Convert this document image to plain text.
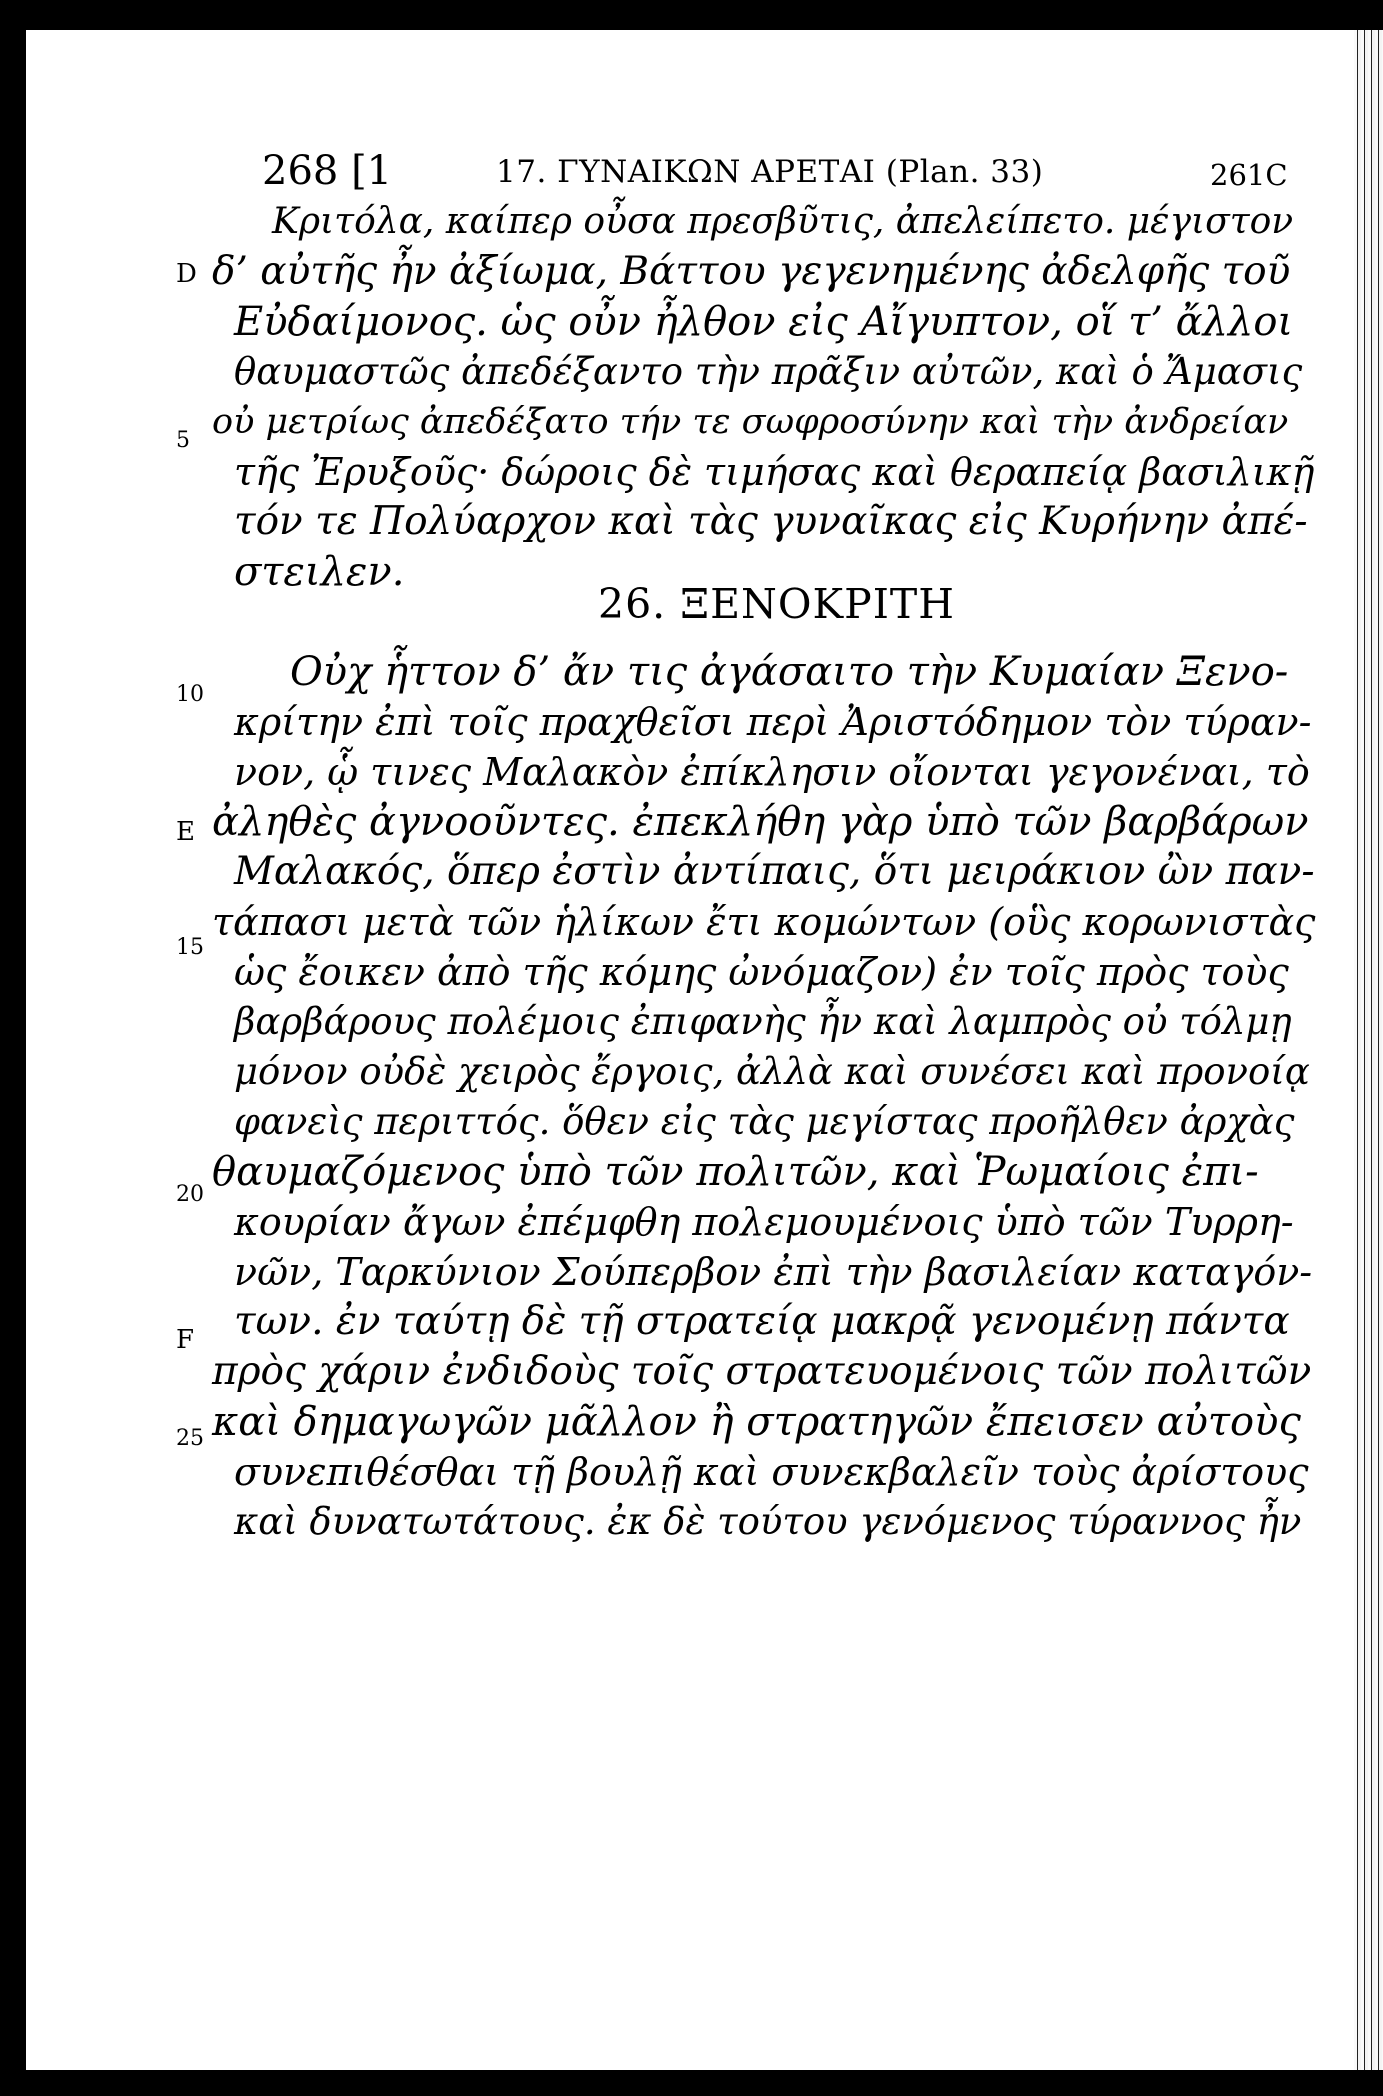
268 [1	17. ΓΥΝΑΙΚΩΝ ΑΡΕΤΑΙ (Plan. 33)	261C
D
E
F
5
10
15
20
25
Κριτόλα, καίπερ οὖσα πρεσβῦτις, ἀπελείπετο. μέγιστον
δ’ αὐτῆς ἦν ἀξίωμα, Βάττου γεγενημένης ἀδελφῆς τοῦ
Εὐδαίμονος. ὡς οὖν ἦλθον εἰς Αἴγυπτον, οἵ τ’ ἄλλοι
θαυμαστῶς ἀπεδέξαντο τὴν πρᾶξιν αὐτῶν, καὶ ὁ Ἄμασις
οὐ μετρίως ἀπεδέξατο τήν τε σωφροσύνην καὶ τὴν ἀνδρείαν
τῆς Ἐρυξοῦς· δώροις δὲ τιμήσας καὶ θεραπείᾳ βασιλικῇ
τόν τε Πολύαρχον καὶ τὰς γυναῖκας εἰς Κυρήνην ἀπέ-
στειλεν.
26. ΞΕΝΟΚΡΙΤΗ
Οὐχ ἧττον δ’ ἄν τις ἀγάσαιτο τὴν Κυμαίαν Ξενο-
κρίτην ἐπὶ τοῖς πραχθεῖσι περὶ Ἀριστόδημον τὸν τύραν-
νον, ᾧ τινες Μαλακὸν ἐπίκλησιν οἴονται γεγονέναι, τὸ
ἀληθὲς ἀγνοοῦντες. ἐπεκλήθη γὰρ ὑπὸ τῶν βαρβάρων
Μαλακός, ὅπερ ἐστὶν ἀντίπαις, ὅτι μειράκιον ὢν παν-
τάπασι μετὰ τῶν ἡλίκων ἔτι κομώντων (οὓς κορωνιστὰς
ὡς ἔοικεν ἀπὸ τῆς κόμης ὠνόμαζον) ἐν τοῖς πρὸς τοὺς
βαρβάρους πολέμοις ἐπιφανὴς ἦν καὶ λαμπρὸς οὐ τόλμῃ
μόνον οὐδὲ χειρὸς ἔργοις, ἀλλὰ καὶ συνέσει καὶ προνοίᾳ
φανεὶς περιττός. ὅθεν εἰς τὰς μεγίστας προῆλθεν ἀρχὰς
θαυμαζόμενος ὑπὸ τῶν πολιτῶν, καὶ Ῥωμαίοις ἐπι-
κουρίαν ἄγων ἐπέμφθη πολεμουμένοις ὑπὸ τῶν Τυρρη-
νῶν, Ταρκύνιον Σούπερβον ἐπὶ τὴν βασιλείαν καταγόν-
των. ἐν ταύτῃ δὲ τῇ στρατείᾳ μακρᾷ γενομένῃ πάντα
πρὸς χάριν ἐνδιδοὺς τοῖς στρατευομένοις τῶν πολιτῶν
καὶ δημαγωγῶν μᾶλλον ἢ στρατηγῶν ἔπεισεν αὐτοὺς
συνεπιθέσθαι τῇ βουλῇ καὶ συνεκβαλεῖν τοὺς ἀρίστους
καὶ δυνατωτάτους. ἐκ δὲ τούτου γενόμενος τύραννος ἦν
